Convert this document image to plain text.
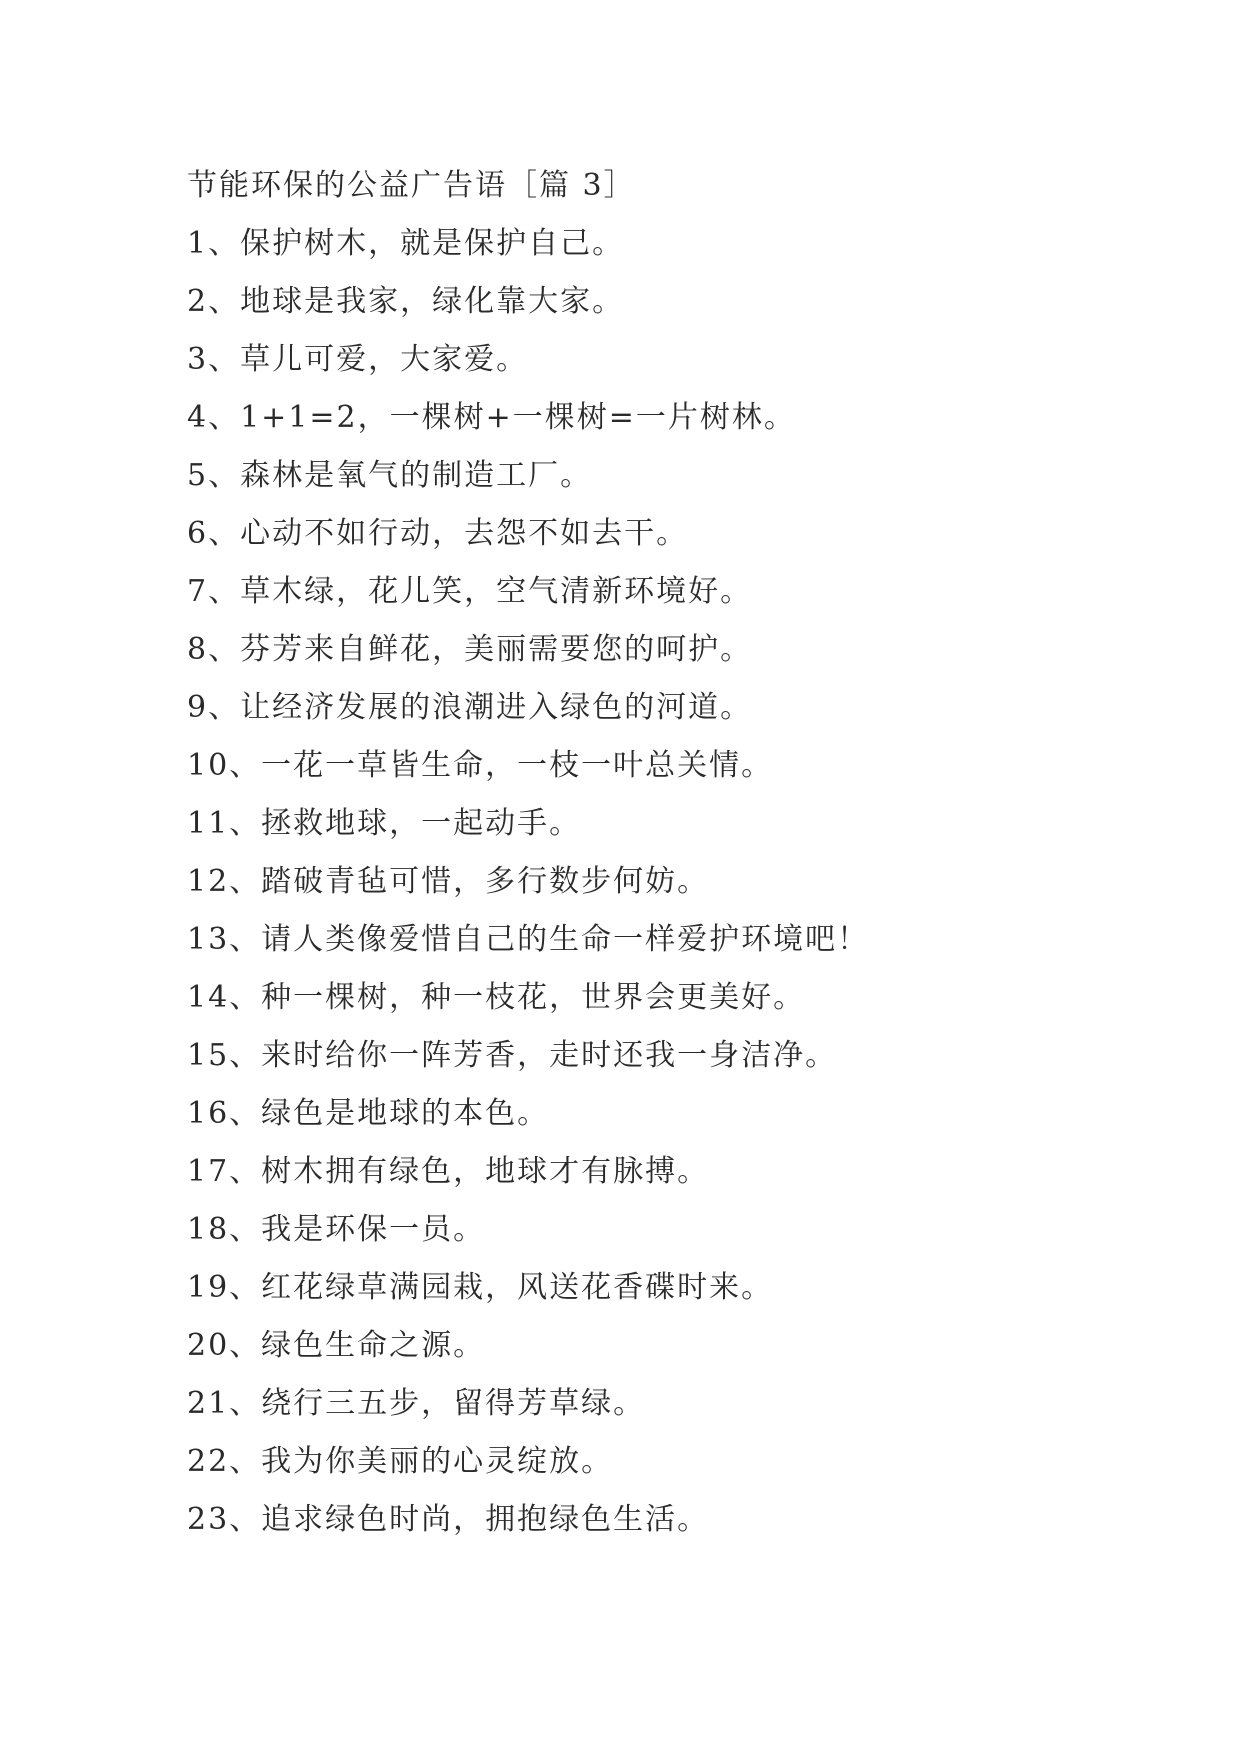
节能环保的公益广告语［篇 3］
1、保护树木，就是保护自己。
2、地球是我家，绿化靠大家。
3、草儿可爱，大家爱。
4、1+1=2，一棵树+一棵树=一片树林。
5、森林是氧气的制造工厂。
6、心动不如行动，去怨不如去干。
7、草木绿，花儿笑，空气清新环境好。
8、芬芳来自鲜花，美丽需要您的呵护。
9、让经济发展的浪潮进入绿色的河道。
10、一花一草皆生命，一枝一叶总关情。
11、拯救地球，一起动手。
12、踏破青毡可惜，多行数步何妨。
13、请人类像爱惜自己的生命一样爱护环境吧！
14、种一棵树，种一枝花，世界会更美好。
15、来时给你一阵芳香，走时还我一身洁净。
16、绿色是地球的本色。
17、树木拥有绿色，地球才有脉搏。
18、我是环保一员。
19、红花绿草满园栽，风送花香碟时来。
20、绿色生命之源。
21、绕行三五步，留得芳草绿。
22、我为你美丽的心灵绽放。
23、追求绿色时尚，拥抱绿色生活。
